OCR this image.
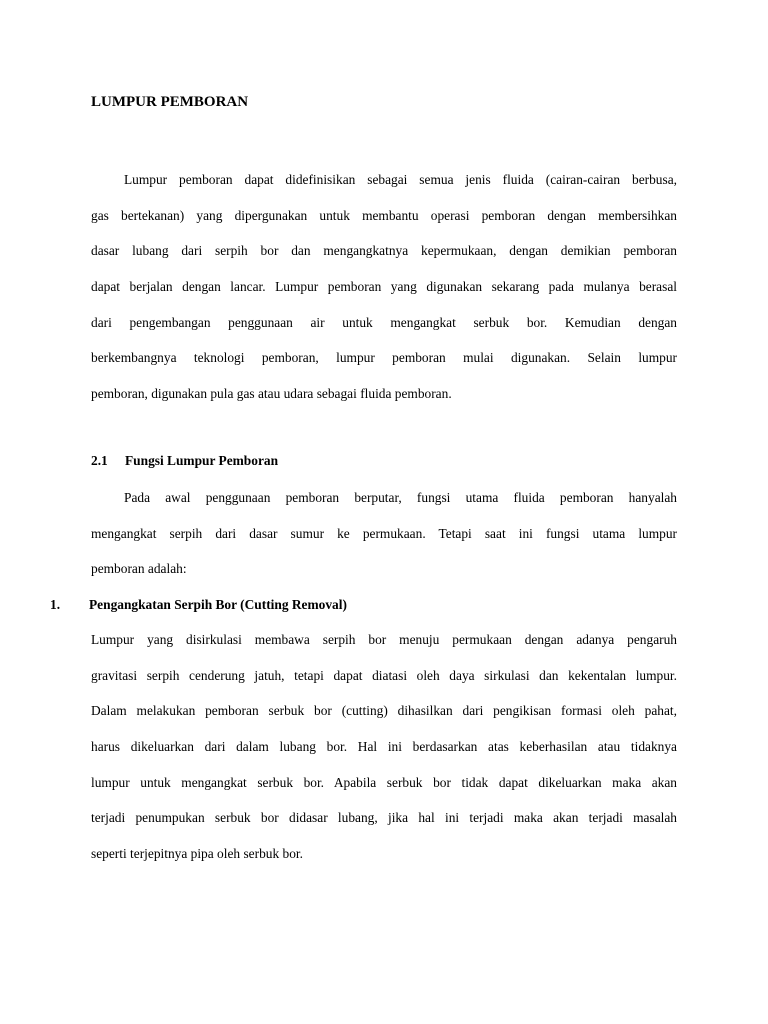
LUMPUR PEMBORAN
Lumpur pemboran dapat didefinisikan sebagai semua jenis fluida (cairan-cairan berbusa,
gas bertekanan) yang dipergunakan untuk membantu operasi pemboran dengan membersihkan
dasar lubang dari serpih bor dan mengangkatnya kepermukaan, dengan demikian pemboran
dapat berjalan dengan lancar. Lumpur pemboran yang digunakan sekarang pada mulanya berasal
dari pengembangan penggunaan air untuk mengangkat serbuk bor. Kemudian dengan
berkembangnya teknologi pemboran, lumpur pemboran mulai digunakan. Selain lumpur
pemboran, digunakan pula gas atau udara sebagai fluida pemboran.
2.1 Fungsi Lumpur Pemboran
Pada awal penggunaan pemboran berputar, fungsi utama fluida pemboran hanyalah
mengangkat serpih dari dasar sumur ke permukaan. Tetapi saat ini fungsi utama lumpur
pemboran adalah:
1. Pengangkatan Serpih Bor (Cutting Removal)
Lumpur yang disirkulasi membawa serpih bor menuju permukaan dengan adanya pengaruh
gravitasi serpih cenderung jatuh, tetapi dapat diatasi oleh daya sirkulasi dan kekentalan lumpur.
Dalam melakukan pemboran serbuk bor (cutting) dihasilkan dari pengikisan formasi oleh pahat,
harus dikeluarkan dari dalam lubang bor. Hal ini berdasarkan atas keberhasilan atau tidaknya
lumpur untuk mengangkat serbuk bor. Apabila serbuk bor tidak dapat dikeluarkan maka akan
terjadi penumpukan serbuk bor didasar lubang, jika hal ini terjadi maka akan terjadi masalah
seperti terjepitnya pipa oleh serbuk bor.
